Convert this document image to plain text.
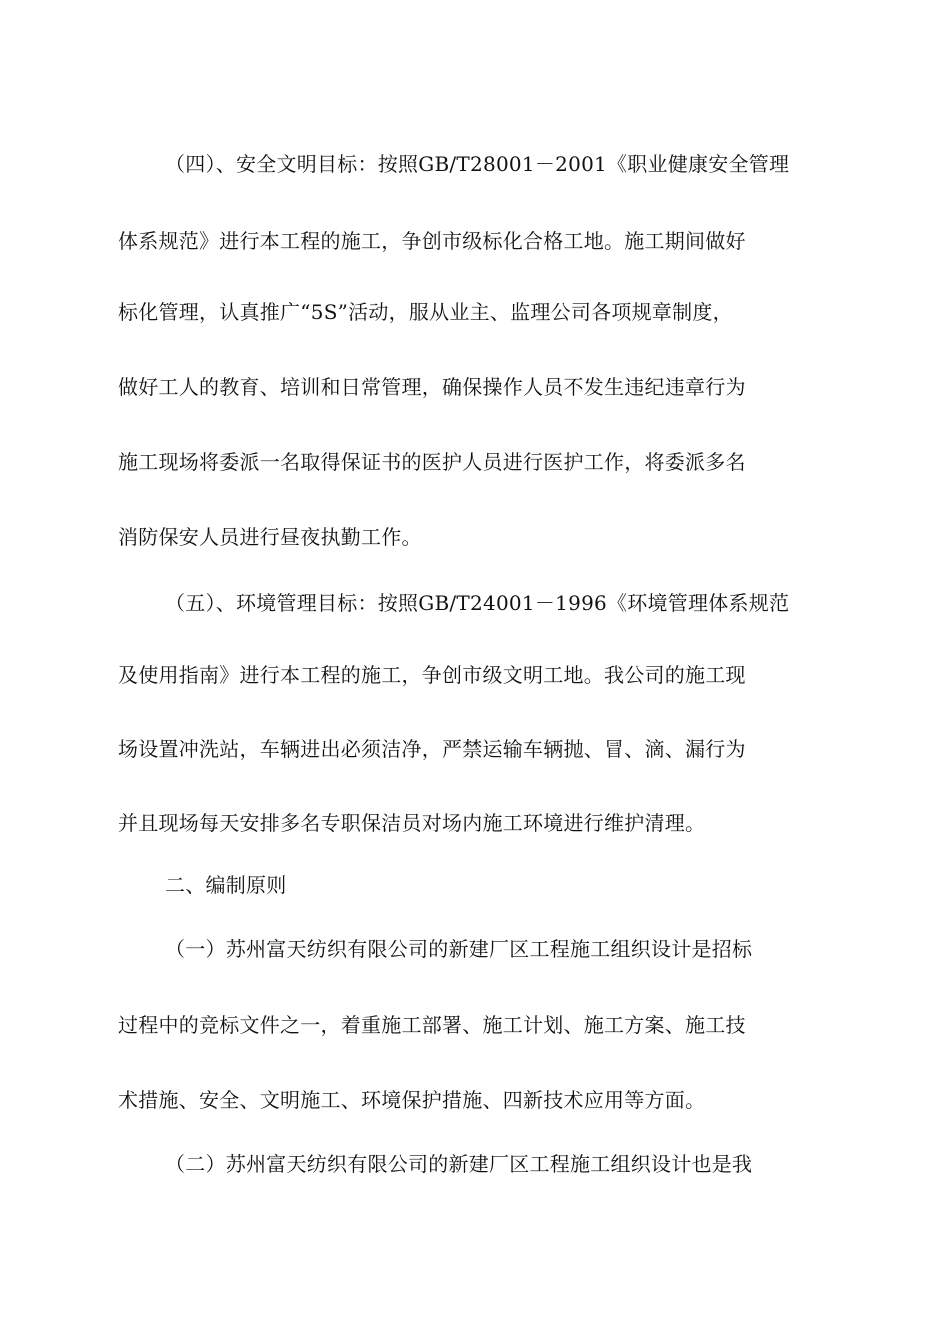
（四）、安全文明目标：按照GB/T28001－2001《职业健康安全管理
体系规范》进行本工程的施工，争创市级标化合格工地。施工期间做好
标化管理，认真推广“5S”活动，服从业主、监理公司各项规章制度，
做好工人的教育、培训和日常管理，确保操作人员不发生违纪违章行为
施工现场将委派一名取得保证书的医护人员进行医护工作，将委派多名
消防保安人员进行昼夜执勤工作。
（五）、环境管理目标：按照GB/T24001－1996《环境管理体系规范
及使用指南》进行本工程的施工，争创市级文明工地。我公司的施工现
场设置冲洗站，车辆进出必须洁净，严禁运输车辆抛、冒、滴、漏行为
并且现场每天安排多名专职保洁员对场内施工环境进行维护清理。
二、编制原则
（一）苏州富天纺织有限公司的新建厂区工程施工组织设计是招标
过程中的竞标文件之一，着重施工部署、施工计划、施工方案、施工技
术措施、安全、文明施工、环境保护措施、四新技术应用等方面。
（二）苏州富天纺织有限公司的新建厂区工程施工组织设计也是我
